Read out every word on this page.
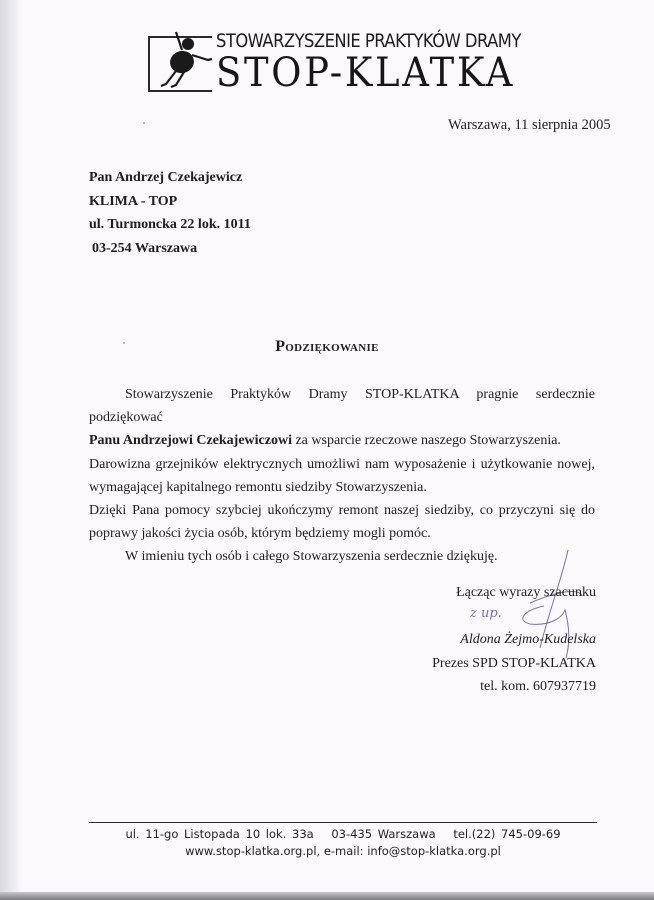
STOWARZYSZENIE PRAKTYKÓW DRAMY
STOP-KLATKA
Warszawa, 11 sierpnia 2005
Pan Andrzej Czekajewicz
KLIMA - TOP
ul. Turmoncka 22 lok. 1011
03-254 Warszawa
Podziękowanie

Stowarzyszenie Praktyków Dramy STOP-KLATKA pragnie serdecznie podziękować

Panu Andrzejowi Czekajewiczowi za wsparcie rzeczowe naszego Stowarzyszenia.

Darowizna grzejników elektrycznych umożliwi nam wyposażenie i użytkowanie nowej, wymagającej kapitalnego remontu siedziby Stowarzyszenia.

Dzięki Pana pomocy szybciej ukończymy remont naszej siedziby, co przyczyni się do poprawy jakości życia osób, którym będziemy mogli pomóc.

W imieniu tych osób i całego Stowarzyszenia serdecznie dziękuję.

Łącząc wyrazy szacunku
Aldona Żejmo-Kudelska
Prezes SPD STOP-KLATKA
tel. kom. 607937719
z up.
ul. 11-go Listopada 10 lok. 33a 03-435 Warszawa tel.(22) 745-09-69
www.stop-klatka.org.pl, e-mail: info@stop-klatka.org.pl
